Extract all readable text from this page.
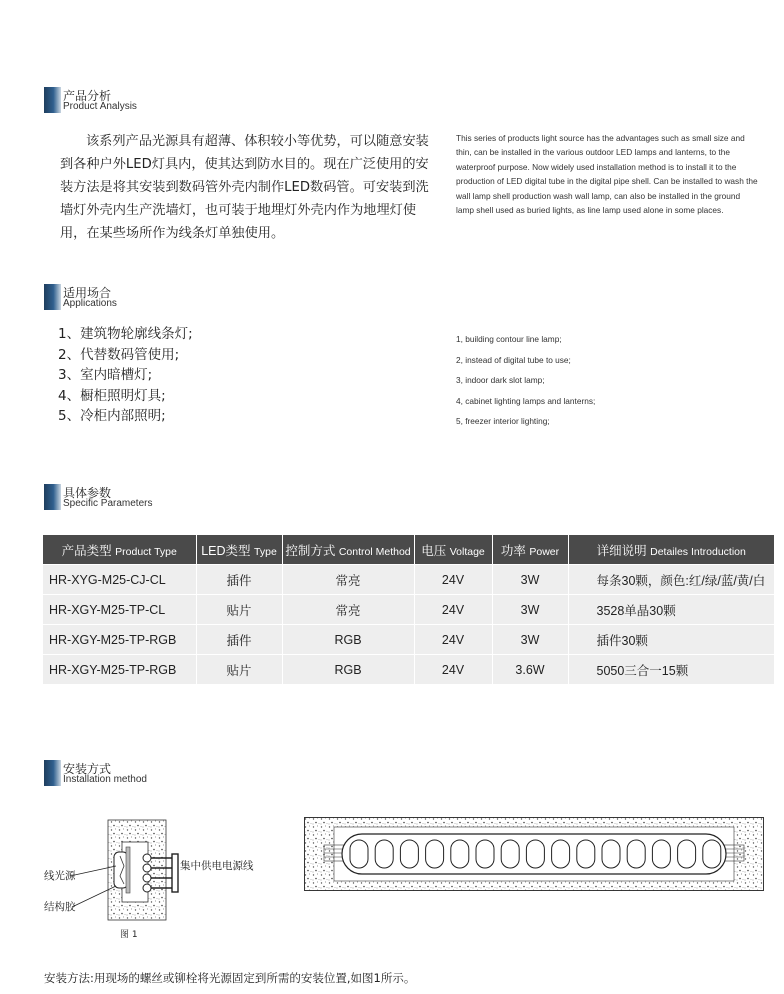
产品分析
Product Analysis

该系列产品光源具有超薄、体积较小等优势，可以随意安装到各种户外LED灯具内，使其达到防水目的。现在广泛使用的安装方法是将其安装到数码管外壳内制作LED数码管。可安装到洗墙灯外壳内生产洗墙灯，也可装于地埋灯外壳内作为地埋灯使用，在某些场所作为线条灯单独使用。

This series of products light source has the advantages such as small size and thin, can be installed in the various outdoor LED lamps and lanterns, to the waterproof purpose. Now widely used installation method is to install it to the production of LED digital tube in the digital pipe shell. Can be installed to wash the wall lamp shell production wash wall lamp, can also be installed in the ground lamp shell used as buried lights, as line lamp used alone in some places.

适用场合
Applications
1、建筑物轮廓线条灯;
2、代替数码管使用;
3、室内暗槽灯;
4、橱柜照明灯具;
5、冷柜内部照明;
1, building contour line lamp;
2, instead of digital tube to use;
3, indoor dark slot lamp;
4, cabinet lighting lamps and lanterns;
5, freezer interior lighting;
具体参数
Specific Parameters
产品类型 Product Type	LED类型 Type	控制方式 Control Method	电压 Voltage	功率 Power	详细说明 Detailes Introduction
HR-XYG-M25-CJ-CL	插件	常亮	24V	3W	每条30颗，颜色:红/绿/蓝/黄/白
HR-XGY-M25-TP-CL	贴片	常亮	24V	3W	3528单晶30颗
HR-XGY-M25-TP-RGB	插件	RGB	24V	3W	插件30颗
HR-XGY-M25-TP-RGB	贴片	RGB	24V	3.6W	5050三合一15颗
安装方式
Installation method
线光源
结构胶
集中供电电源线
图 1
安装方法:用现场的螺丝或铆栓将光源固定到所需的安装位置,如图1所示。
